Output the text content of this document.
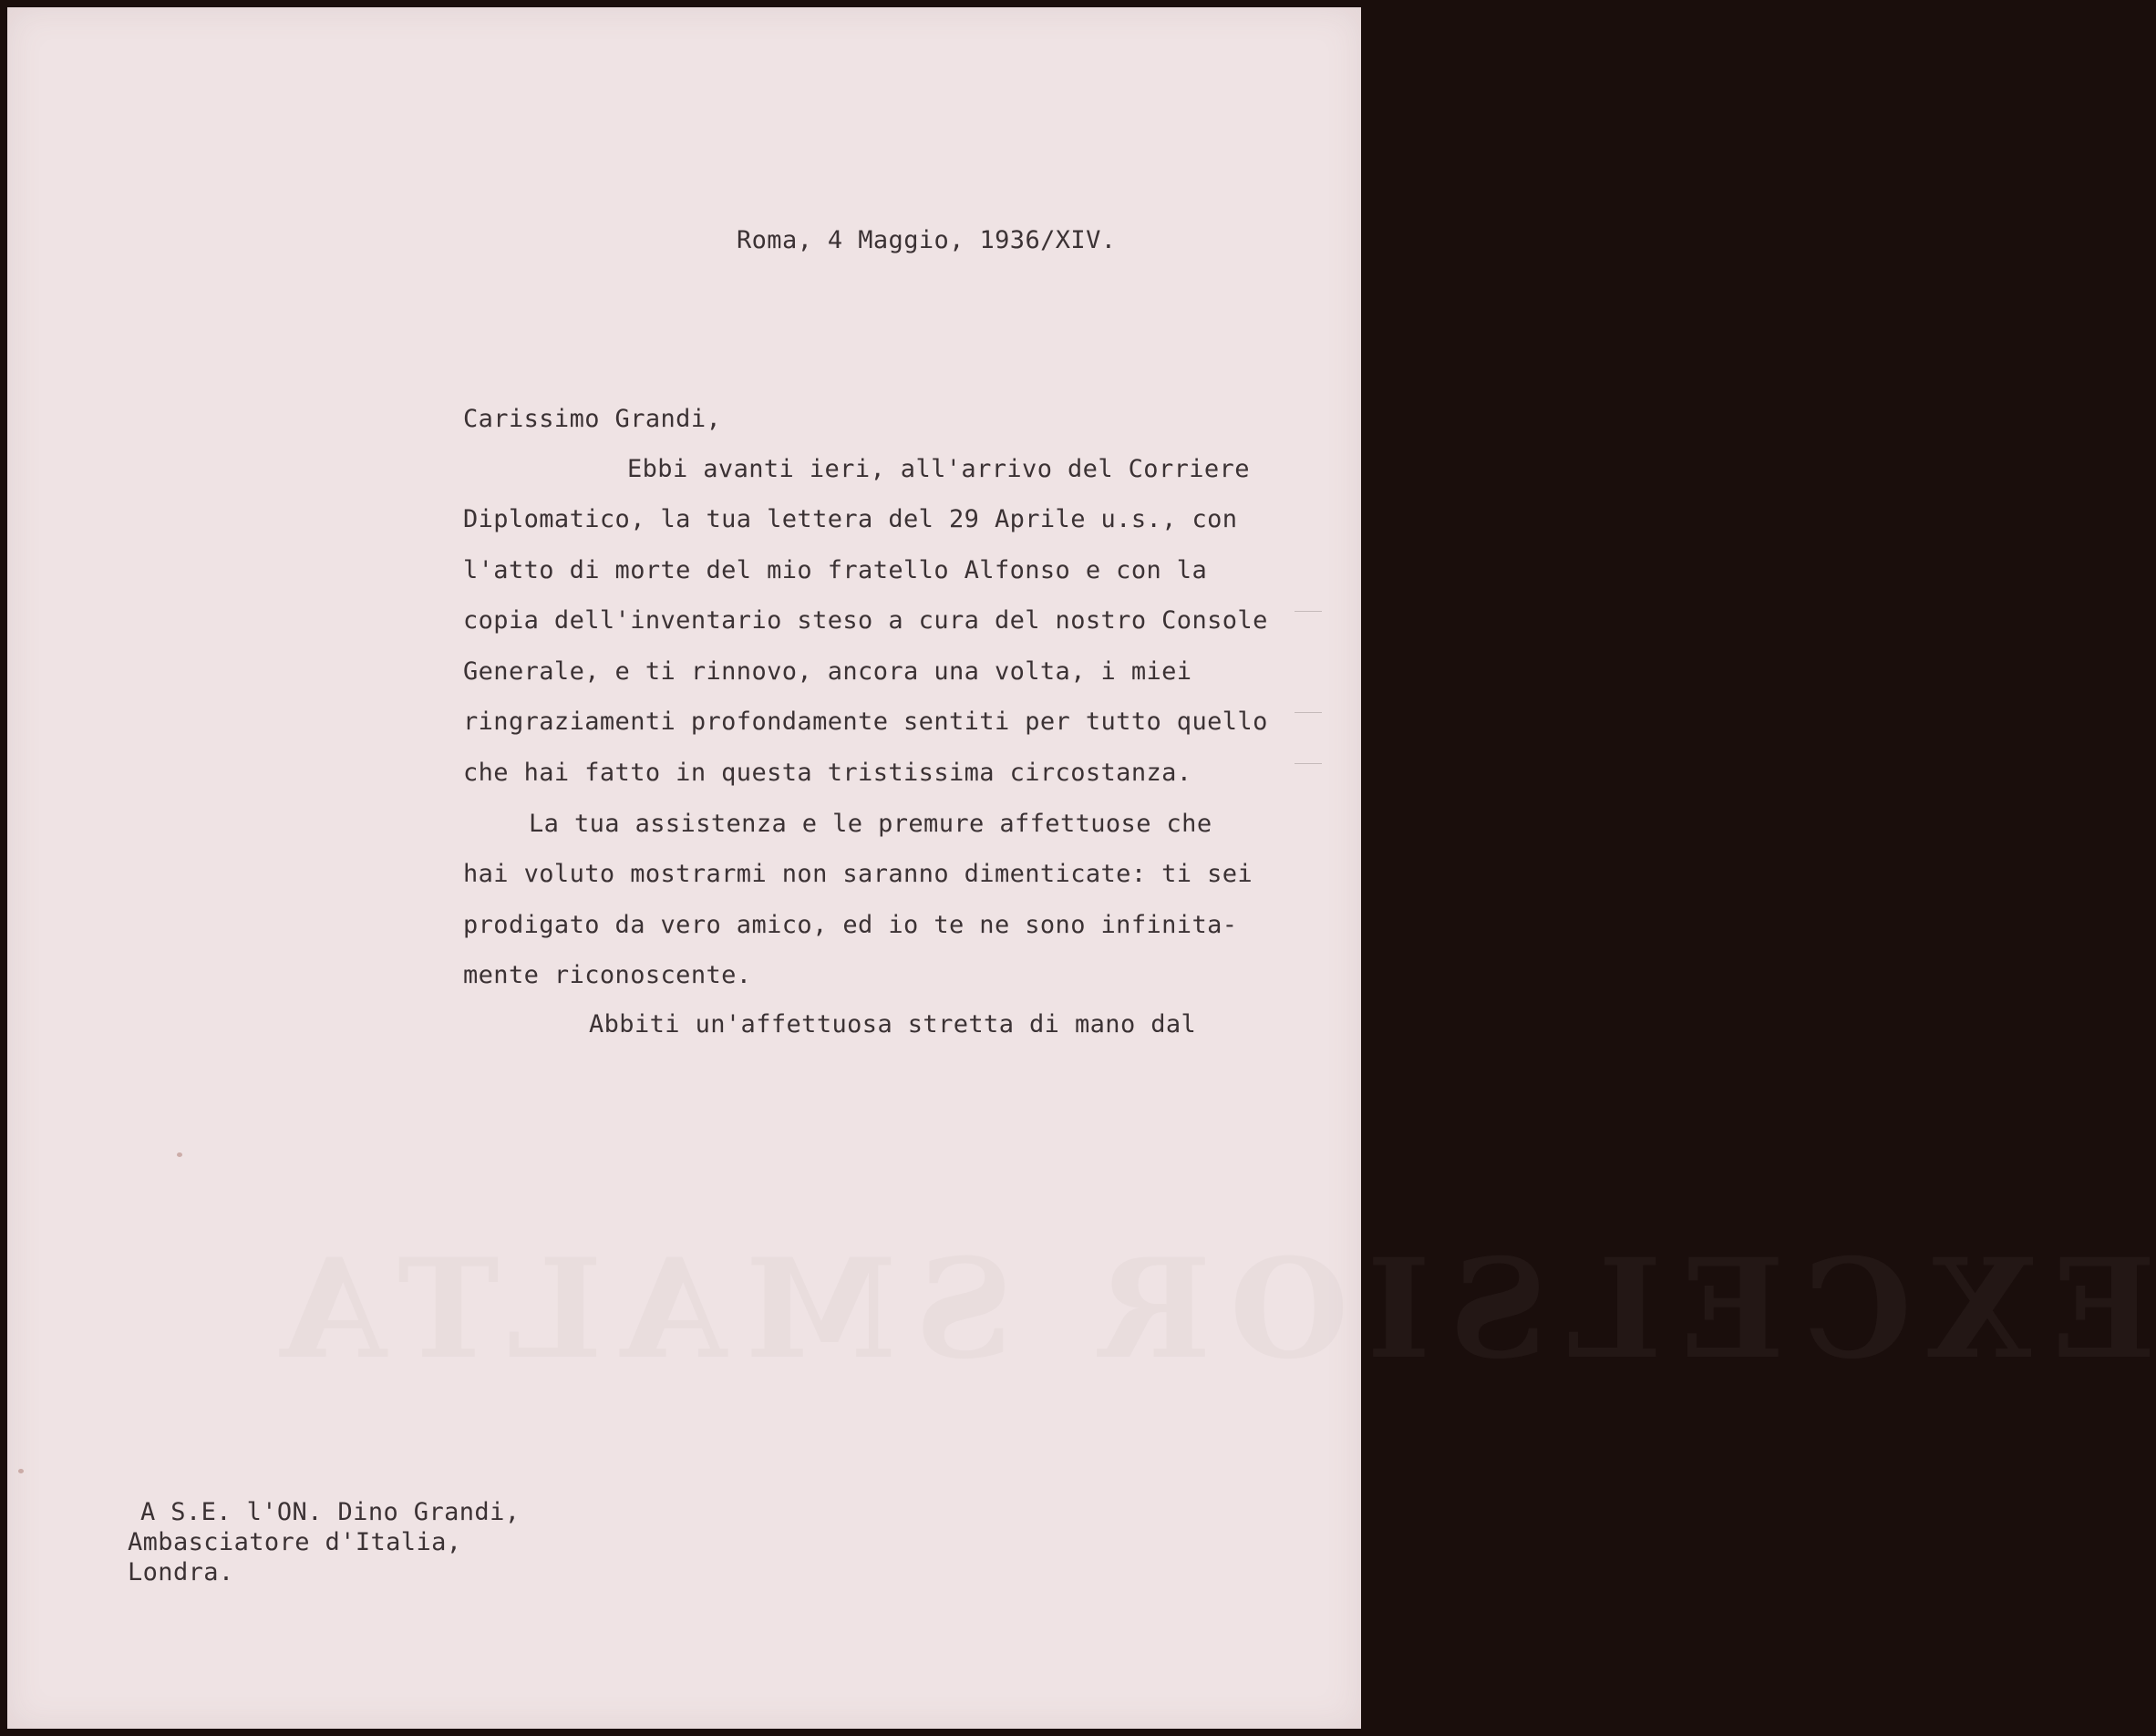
EXCELSIOR SMALTA
Roma, 4 Maggio, 1936/XIV.
Carissimo Grandi,
Ebbi avanti ieri, all'arrivo del Corriere
Diplomatico, la tua lettera del 29 Aprile u.s., con
l'atto di morte del mio fratello Alfonso e con la
copia dell'inventario steso a cura del nostro Console
Generale, e ti rinnovo, ancora una volta, i miei
ringraziamenti profondamente sentiti per tutto quello
che hai fatto in questa tristissima circostanza.
La tua assistenza e le premure affettuose che
hai voluto mostrarmi non saranno dimenticate: ti sei
prodigato da vero amico, ed io te ne sono infinita-
mente riconoscente.
Abbiti un'affettuosa stretta di mano dal
A S.E. l'ON. Dino Grandi,
Ambasciatore d'Italia,
Londra.
